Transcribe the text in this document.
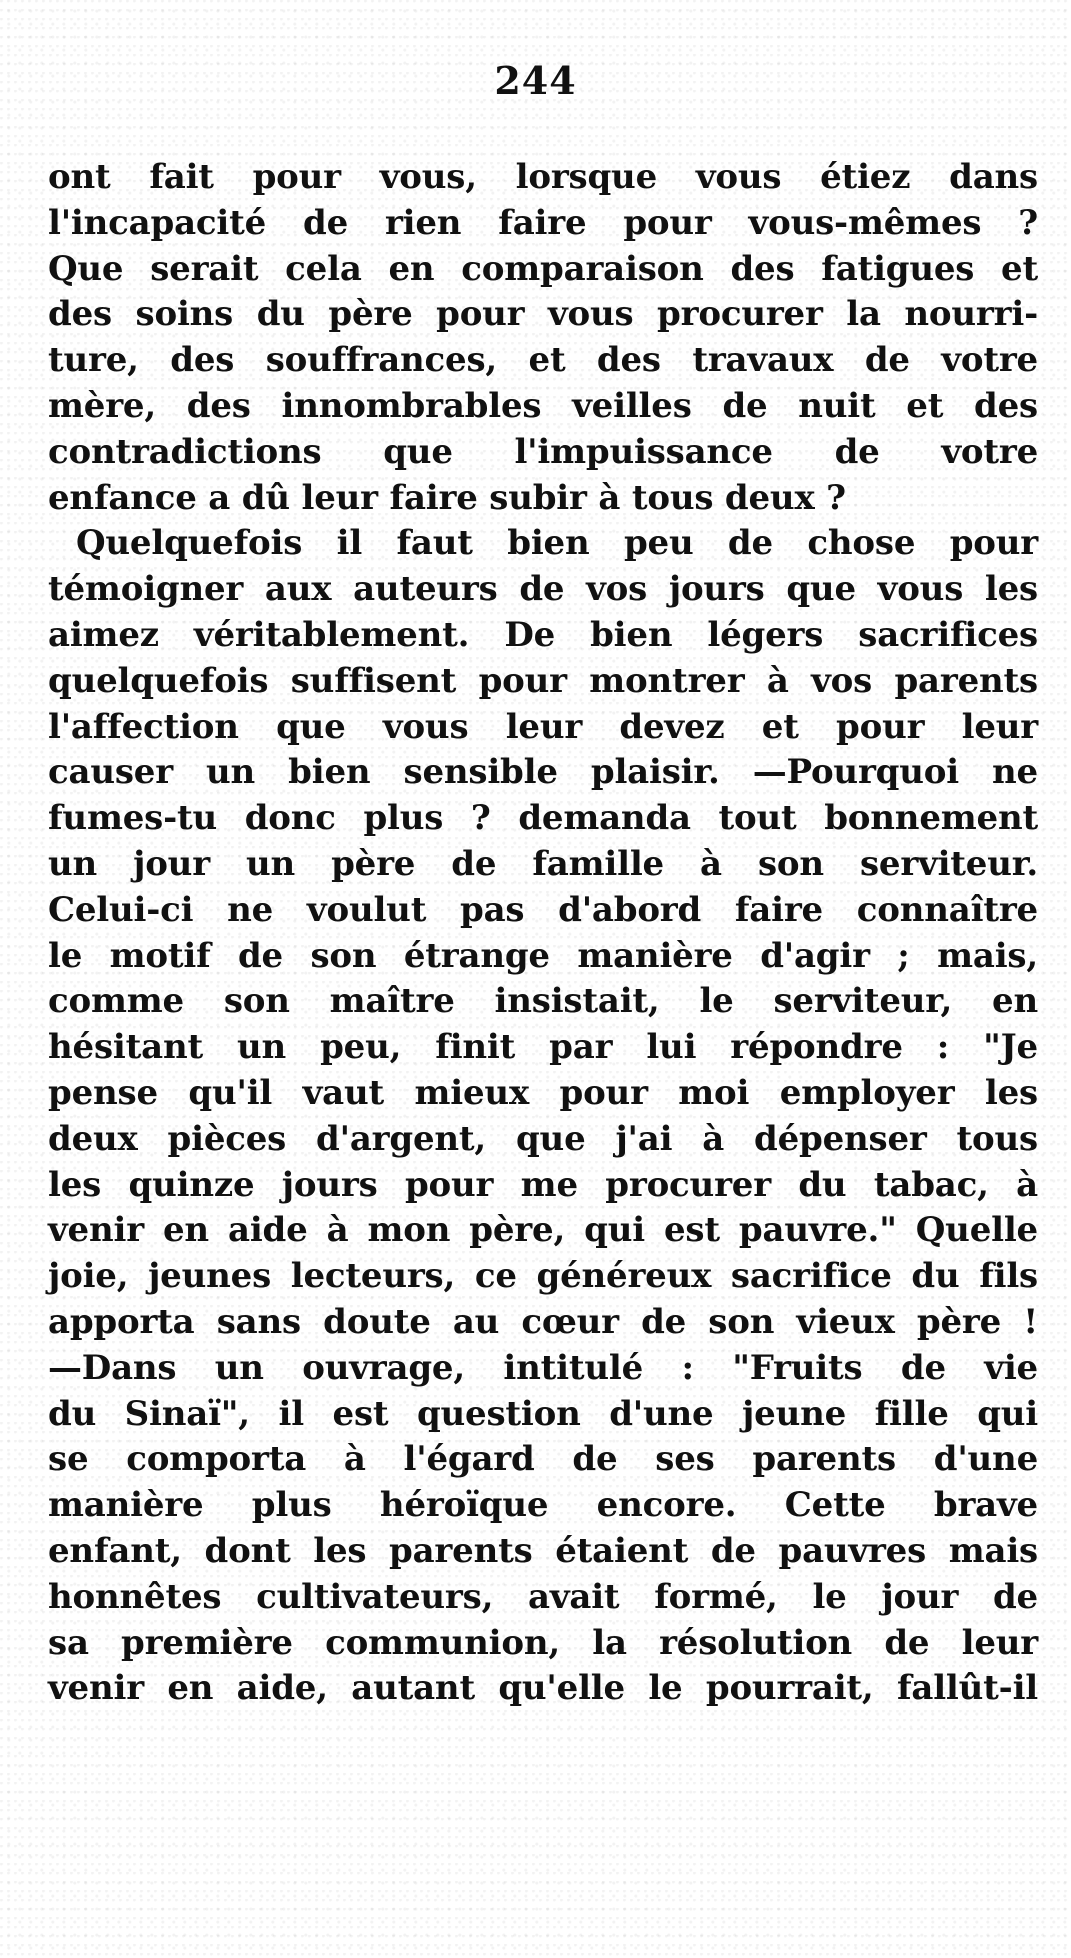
244
ont fait pour vous, lorsque vous étiez dans
l'incapacité de rien faire pour vous-mêmes ?
Que serait cela en comparaison des fatigues et
des soins du père pour vous procurer la nourri-
ture, des souffrances, et des travaux de votre
mère, des innombrables veilles de nuit et des
contradictions que l'impuissance de votre
enfance a dû leur faire subir à tous deux ?
Quelquefois il faut bien peu de chose pour
témoigner aux auteurs de vos jours que vous les
aimez véritablement. De bien légers sacrifices
quelquefois suffisent pour montrer à vos parents
l'affection que vous leur devez et pour leur
causer un bien sensible plaisir. —Pourquoi ne
fumes-tu donc plus ? demanda tout bonnement
un jour un père de famille à son serviteur.
Celui-ci ne voulut pas d'abord faire connaître
le motif de son étrange manière d'agir ; mais,
comme son maître insistait, le serviteur, en
hésitant un peu, finit par lui répondre : "Je
pense qu'il vaut mieux pour moi employer les
deux pièces d'argent, que j'ai à dépenser tous
les quinze jours pour me procurer du tabac, à
venir en aide à mon père, qui est pauvre." Quelle
joie, jeunes lecteurs, ce généreux sacrifice du fils
apporta sans doute au cœur de son vieux père !
—Dans un ouvrage, intitulé : "Fruits de vie
du Sinaï", il est question d'une jeune fille qui
se comporta à l'égard de ses parents d'une
manière plus héroïque encore. Cette brave
enfant, dont les parents étaient de pauvres mais
honnêtes cultivateurs, avait formé, le jour de
sa première communion, la résolution de leur
venir en aide, autant qu'elle le pourrait, fallût-il
